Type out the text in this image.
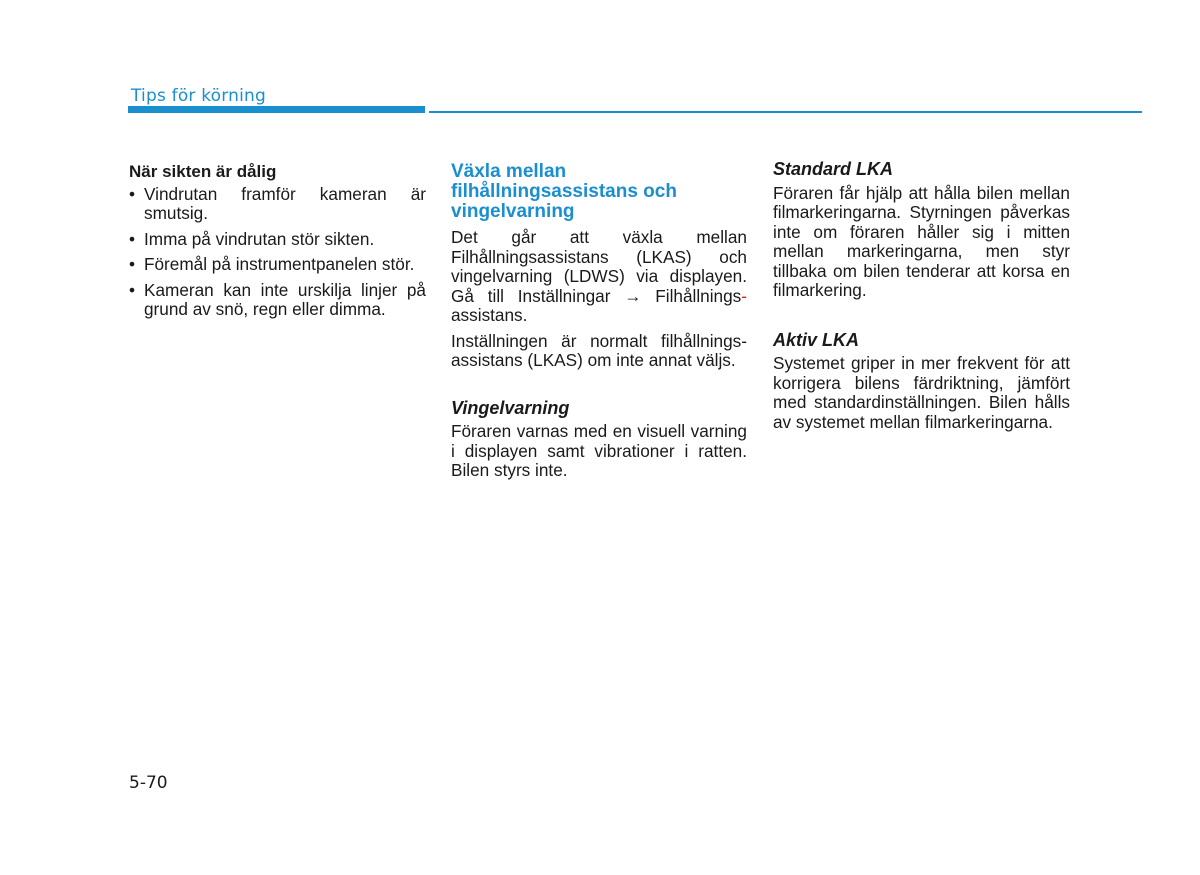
Tips för körning
När sikten är dålig
• Vindrutan framför kameran är smutsig.
• Imma på vindrutan stör sikten.
• Föremål på instrumentpanelen stör.
• Kameran kan inte urskilja linjer på grund av snö, regn eller dimma.
Växla mellan filhållningsassistans och vingelvarning
Det går att växla mellan
Filhållningsassistans (LKAS) och
vingelvarning (LDWS) via displayen.
Gå till Inställningar → Filhållnings -
assistans.
Inställningen är normalt filhållnings-assistans (LKAS) om inte annat väljs.
Vingelvarning
Föraren varnas med en visuell varning i displayen samt vibrationer i ratten. Bilen styrs inte.
Standard LKA
Föraren får hjälp att hålla bilen mellan filmarkeringarna. Styrningen påverkas inte om föraren håller sig i mitten mellan markeringarna, men styr tillbaka om bilen tenderar att korsa en filmarkering.
Aktiv LKA
Systemet griper in mer frekvent för att korrigera bilens färdriktning, jämfört med standardinställningen. Bilen hålls av systemet mellan filmarkeringarna.
5-70
